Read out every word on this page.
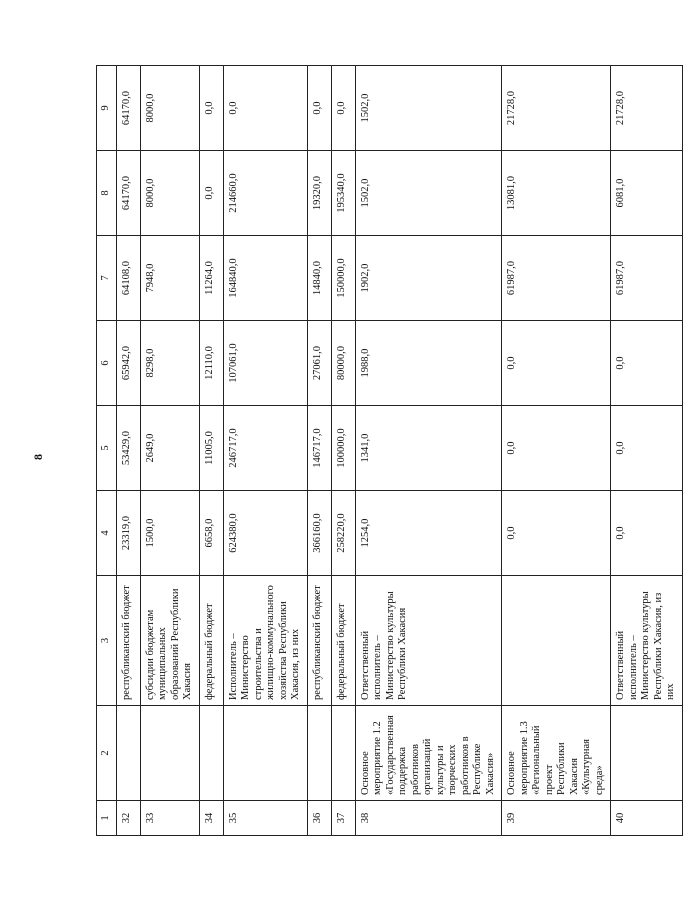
8
1	2	3	4	5	6	7	8	9
32		республиканский бюджет	23319,0	53429,0	65942,0	64108,0	64170,0	64170,0
33		субсидии бюджетам муниципальных образований Республики Хакасия	1500,0	2649,0	8298,0	7948,0	8000,0	8000,0
34		федеральный бюджет	6658,0	11005,0	12110,0	11264,0	0,0	0,0
35		Исполнитель – Министерство строительства и жилищно-коммунального хозяйства Республики Хакасия, из них	624380,0	246717,0	107061,0	164840,0	214660,0	0,0
36		республиканский бюджет	366160,0	146717,0	27061,0	14840,0	19320,0	0,0
37		федеральный бюджет	258220,0	100000,0	80000,0	150000,0	195340,0	0,0
38	Основное мероприятие 1.2 «Государственная поддержка работников организаций культуры и творческих работников в Республике Хакасия»	Ответственный исполнитель – Министерство культуры Республики Хакасия	1254,0	1341,0	1988,0	1902,0	1502,0	1502,0
39	Основное мероприятие 1.3 «Региональный проект Республики Хакасия «Культурная среда»		0,0	0,0	0,0	61987,0	13081,0	21728,0
40		Ответственный исполнитель – Министерство культуры Республики Хакасия, из них	0,0	0,0	0,0	61987,0	6081,0	21728,0
